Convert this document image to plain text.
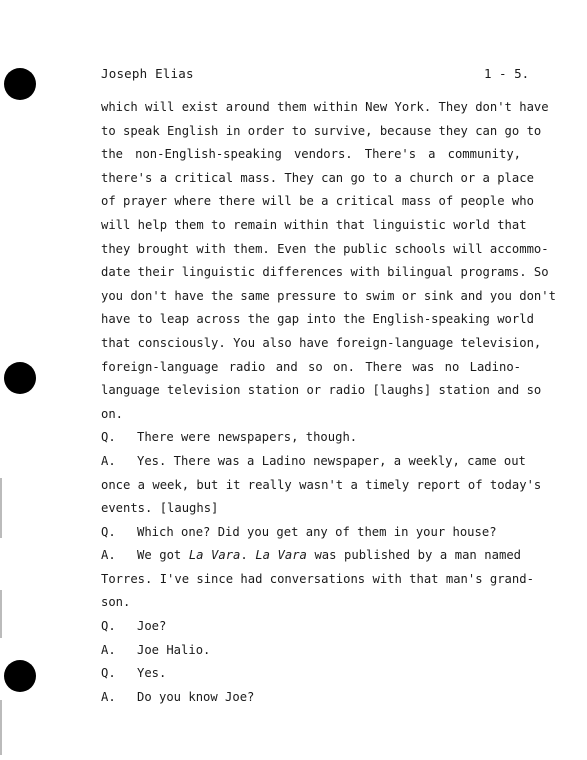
Joseph Elias	1 - 5.
which will exist around them within New York. They don't have
to speak English in order to survive, because they can go to
the non-English-speaking vendors. There's a community,
there's a critical mass. They can go to a church or a place
of prayer where there will be a critical mass of people who
will help them to remain within that linguistic world that
they brought with them. Even the public schools will accommo-
date their linguistic differences with bilingual programs. So
you don't have the same pressure to swim or sink and you don't
have to leap across the gap into the English-speaking world
that consciously. You also have foreign-language television,
foreign-language radio and so on. There was no Ladino-
language television station or radio [laughs] station and so
on.
Q. There were newspapers, though.
A. Yes. There was a Ladino newspaper, a weekly, came out
once a week, but it really wasn't a timely report of today's
events. [laughs]
Q. Which one? Did you get any of them in your house?
A. We got La Vara. La Vara was published by a man named
Torres. I've since had conversations with that man's grand-
son.
Q. Joe?
A. Joe Halio.
Q. Yes.
A. Do you know Joe?
